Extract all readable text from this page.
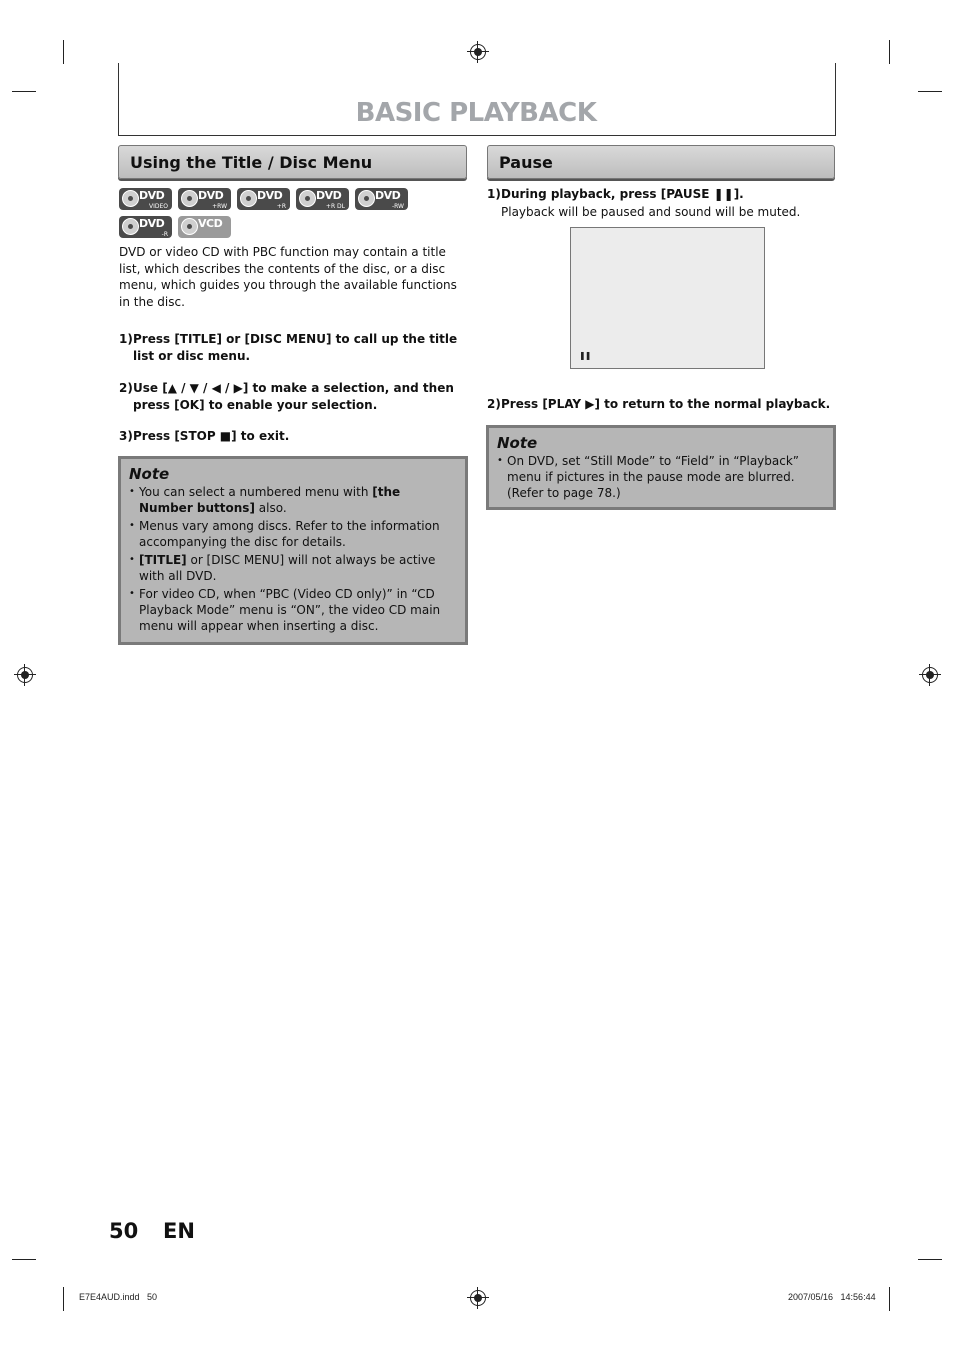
BASIC PLAYBACK
Using the Title / Disc Menu
DVD
VIDEO
DVD
+RW
DVD
+R
DVD
+R DL
DVD
-RW
DVD
-R
VCD
DVD or video CD with PBC function may contain a title list, which describes the contents of the disc, or a disc menu, which guides you through the available functions in the disc.
1) Press [TITLE] or [DISC MENU] to call up the title list or disc menu.
2) Use [▲ / ▼ / ◀ / ▶] to make a selection, and then press [OK] to enable your selection.
3) Press [STOP ■] to exit.
Note
• You can select a numbered menu with [the Number buttons] also.
• Menus vary among discs. Refer to the information accompanying the disc for details.
• [TITLE] or [DISC MENU] will not always be active with all DVD.
• For video CD, when “PBC (Video CD only)” in “CD Playback Mode” menu is “ON”, the video CD main menu will appear when inserting a disc.
Pause
1) During playback, press [PAUSE ❚❚].
Playback will be paused and sound will be muted.
❚❚
2) Press [PLAY ▶] to return to the normal playback.
Note
• On DVD, set “Still Mode” to “Field” in “Playback” menu if pictures in the pause mode are blurred. (Refer to page 78.)
50 EN
E7E4AUD.indd   50	2007/05/16   14:56:44
